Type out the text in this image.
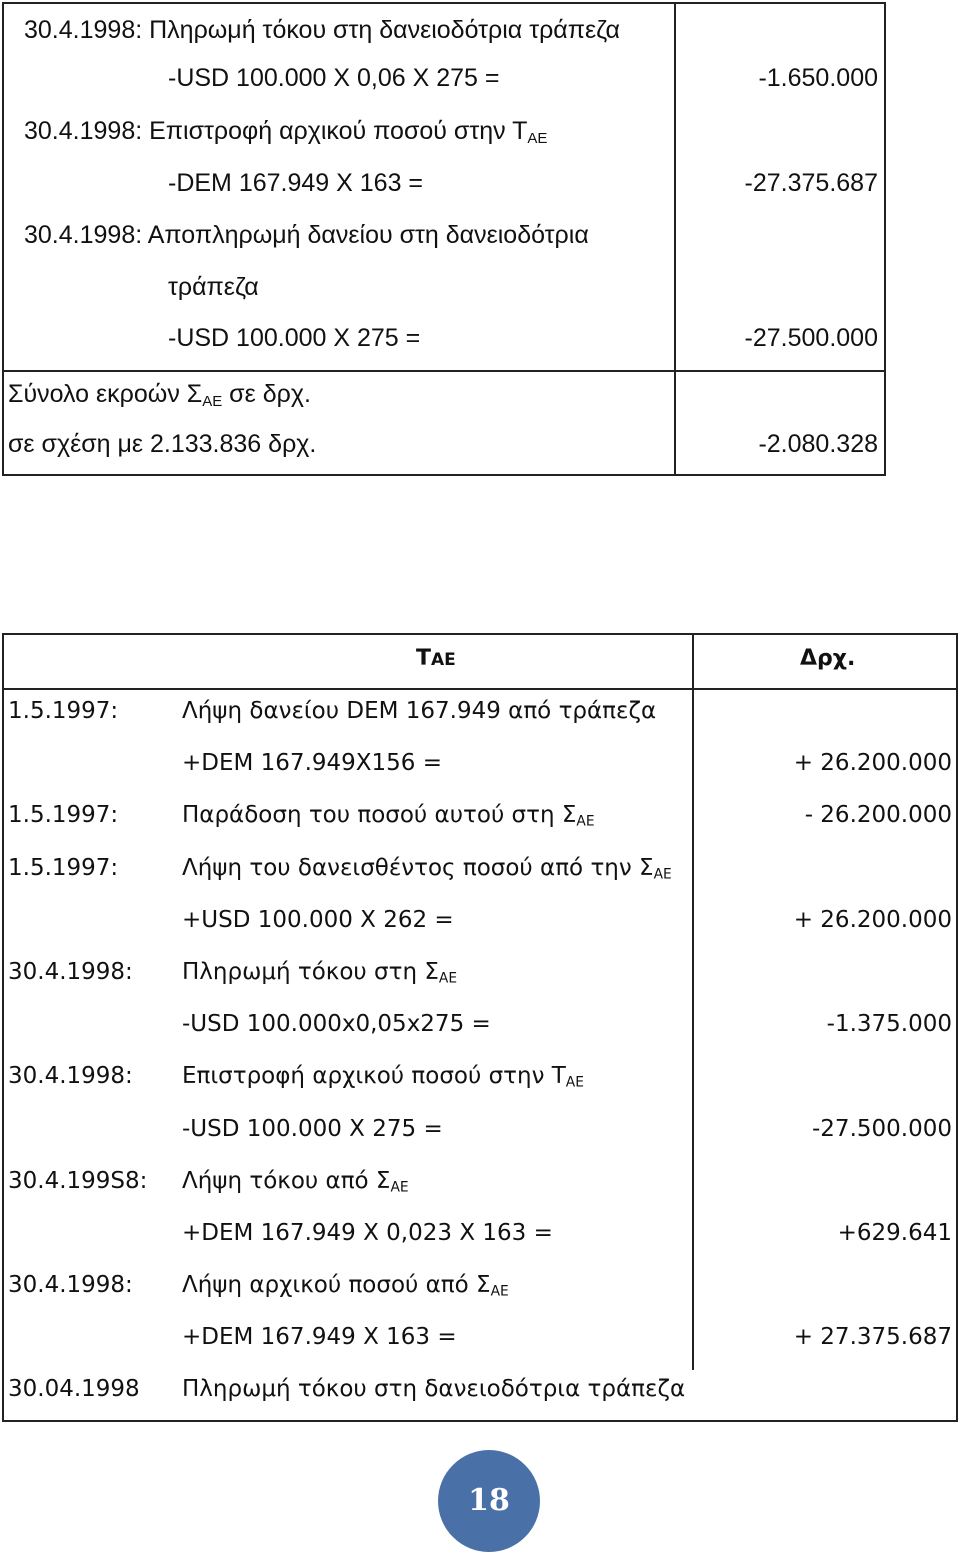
30.4.1998: Πληρωμή τόκου στη δανειοδότρια τράπεζα
-USD 100.000 Χ 0,06 Χ 275 =	-1.650.000
30.4.1998: Επιστροφή αρχικού ποσού στην $T_{AE}$
-DEM 167.949 Χ 163 =	-27.375.687
30.4.1998: Αποπληρωμή δανείου στη δανειοδότρια
τράπεζα
-USD 100.000 Χ 275 =	-27.500.000
Σύνολο εκροών $\Sigma_{AE}$ σε δρχ.
σε σχέση με 2.133.836 δρχ.	-2.080.328
ΤΑΕ	Δρχ.
1.5.1997:	Λήψη δανείου DEM 167.949 από τράπεζα
+DEM 167.949X156 =	+ 26.200.000
1.5.1997:	Παράδοση του ποσού αυτού στη $\Sigma_{AE}$	- 26.200.000
1.5.1997:	Λήψη του δανεισθέντος ποσού από την $\Sigma_{AE}$
+USD 100.000 Χ 262 =	+ 26.200.000
30.4.1998: Πληρωμή τόκου στη $\Sigma_{AE}$
-USD 100.000x0,05x275 =	-1.375.000
30.4.1998: Επιστροφή αρχικού ποσού στην $T_{AE}$
-USD 100.000 Χ 275 =	-27.500.000
30.4.199S8: Λήψη τόκου από $\Sigma_{AE}$
+DEM 167.949 Χ 0,023 Χ 163 =	+629.641
30.4.1998: Λήψη αρχικού ποσού από $\Sigma_{AE}$
+DEM 167.949 Χ 163 =	+ 27.375.687
30.04.1998 Πληρωμή τόκου στη δανειοδότρια τράπεζα
18
